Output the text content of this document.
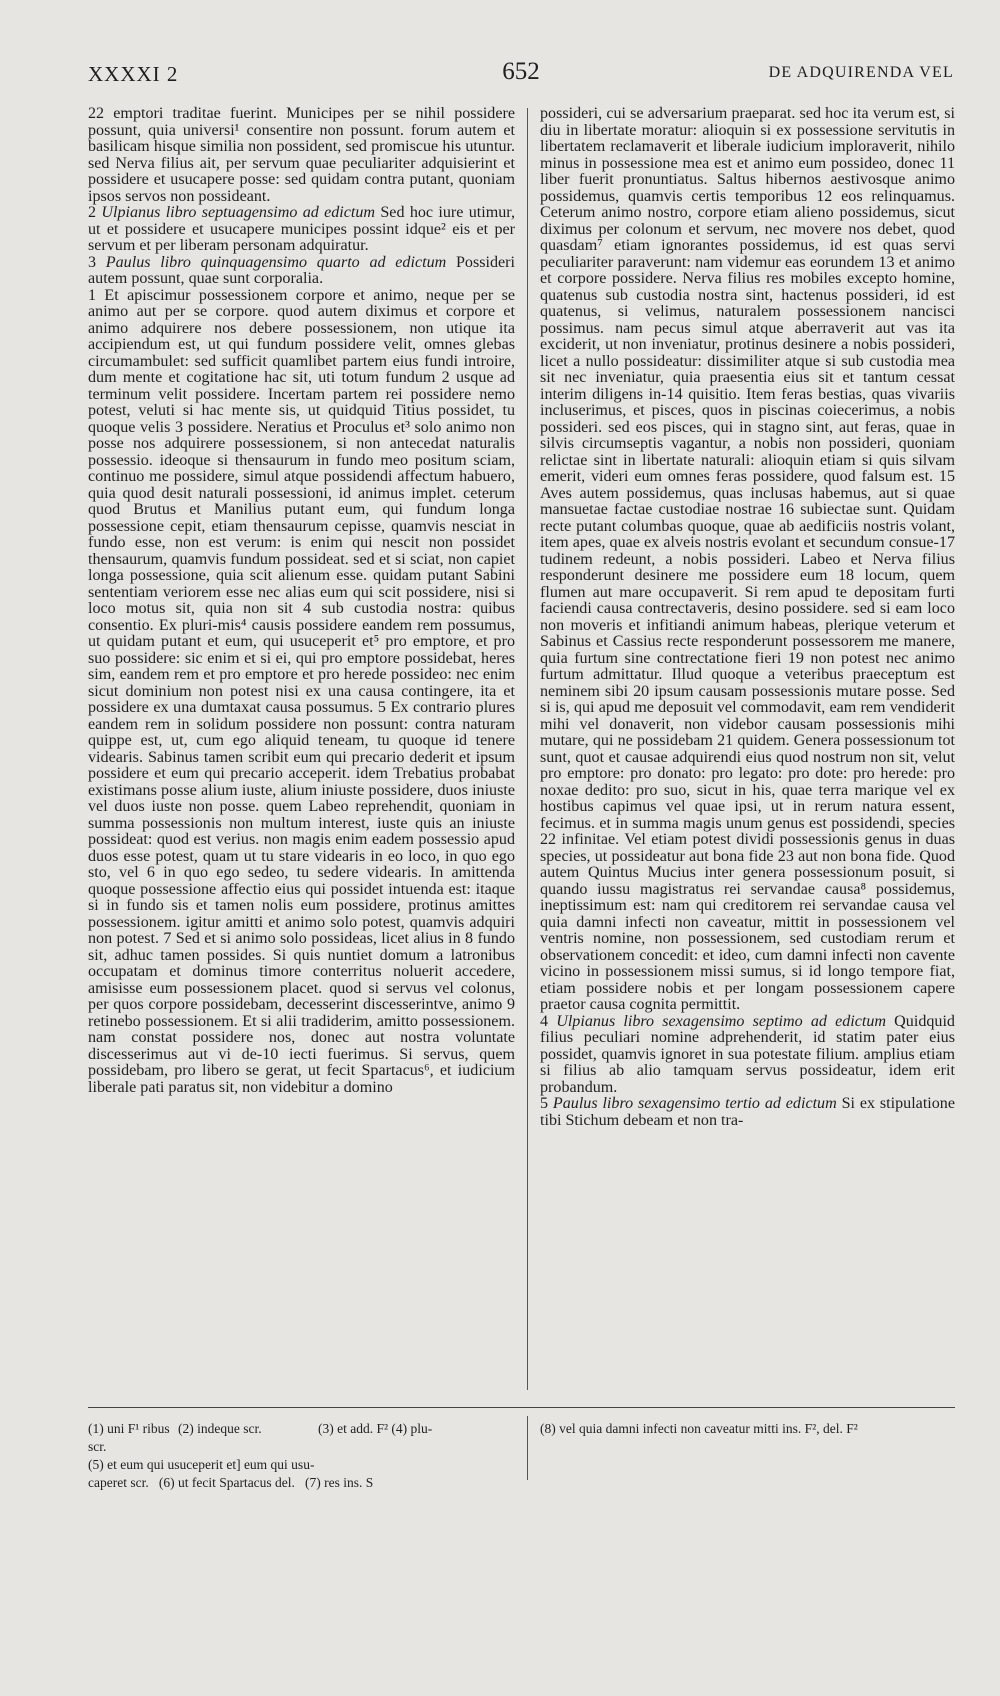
XXXXI 2	652	DE ADQUIRENDA VEL

22 emptori traditae fuerint. Municipes per se nihil possidere possunt, quia universi¹ consentire non possunt. forum autem et basilicam hisque similia non possident, sed promiscue his utuntur. sed Nerva filius ait, per servum quae peculiariter adquisierint et possidere et usucapere posse: sed quidam contra putant, quoniam ipsos servos non possideant.

2 Ulpianus libro septuagensimo ad edictum Sed hoc iure utimur, ut et possidere et usucapere municipes possint idque² eis et per servum et per liberam personam adquiratur.

3 Paulus libro quinquagensimo quarto ad edictum Possideri autem possunt, quae sunt corporalia.

1 Et apiscimur possessionem corpore et animo, neque per se animo aut per se corpore. quod autem diximus et corpore et animo adquirere nos debere possessionem, non utique ita accipiendum est, ut qui fundum possidere velit, omnes glebas circumambulet: sed sufficit quamlibet partem eius fundi introire, dum mente et cogitatione hac sit, uti totum fundum 2 usque ad terminum velit possidere. Incertam partem rei possidere nemo potest, veluti si hac mente sis, ut quidquid Titius possidet, tu quoque velis 3 possidere. Neratius et Proculus et³ solo animo non posse nos adquirere possessionem, si non antecedat naturalis possessio. ideoque si thensaurum in fundo meo positum sciam, continuo me possidere, simul atque possidendi affectum habuero, quia quod desit naturali possessioni, id animus implet. ceterum quod Brutus et Manilius putant eum, qui fundum longa possessione cepit, etiam thensaurum cepisse, quamvis nesciat in fundo esse, non est verum: is enim qui nescit non possidet thensaurum, quamvis fundum possideat. sed et si sciat, non capiet longa possessione, quia scit alienum esse. quidam putant Sabini sententiam veriorem esse nec alias eum qui scit possidere, nisi si loco motus sit, quia non sit 4 sub custodia nostra: quibus consentio. Ex pluri-mis⁴ causis possidere eandem rem possumus, ut quidam putant et eum, qui usuceperit et⁵ pro emptore, et pro suo possidere: sic enim et si ei, qui pro emptore possidebat, heres sim, eandem rem et pro emptore et pro herede possideo: nec enim sicut dominium non potest nisi ex una causa contingere, ita et possidere ex una dumtaxat causa possumus. 5 Ex contrario plures eandem rem in solidum possidere non possunt: contra naturam quippe est, ut, cum ego aliquid teneam, tu quoque id tenere videaris. Sabinus tamen scribit eum qui precario dederit et ipsum possidere et eum qui precario acceperit. idem Trebatius probabat existimans posse alium iuste, alium iniuste possidere, duos iniuste vel duos iuste non posse. quem Labeo reprehendit, quoniam in summa possessionis non multum interest, iuste quis an iniuste possideat: quod est verius. non magis enim eadem possessio apud duos esse potest, quam ut tu stare videaris in eo loco, in quo ego sto, vel 6 in quo ego sedeo, tu sedere videaris. In amittenda quoque possessione affectio eius qui possidet intuenda est: itaque si in fundo sis et tamen nolis eum possidere, protinus amittes possessionem. igitur amitti et animo solo potest, quamvis adquiri non potest. 7 Sed et si animo solo possideas, licet alius in 8 fundo sit, adhuc tamen possides. Si quis nuntiet domum a latronibus occupatam et dominus timore conterritus noluerit accedere, amisisse eum possessionem placet. quod si servus vel colonus, per quos corpore possidebam, decesserint discesserintve, animo 9 retinebo possessionem. Et si alii tradiderim, amitto possessionem. nam constat possidere nos, donec aut nostra voluntate discesserimus aut vi de-10 iecti fuerimus. Si servus, quem possidebam, pro libero se gerat, ut fecit Spartacus⁶, et iudicium liberale pati paratus sit, non videbitur a domino

possideri, cui se adversarium praeparat. sed hoc ita verum est, si diu in libertate moratur: alioquin si ex possessione servitutis in libertatem reclamaverit et liberale iudicium imploraverit, nihilo minus in possessione mea est et animo eum possideo, donec 11 liber fuerit pronuntiatus. Saltus hibernos aestivosque animo possidemus, quamvis certis temporibus 12 eos relinquamus. Ceterum animo nostro, corpore etiam alieno possidemus, sicut diximus per colonum et servum, nec movere nos debet, quod quasdam⁷ etiam ignorantes possidemus, id est quas servi peculiariter paraverunt: nam videmur eas eorundem 13 et animo et corpore possidere. Nerva filius res mobiles excepto homine, quatenus sub custodia nostra sint, hactenus possideri, id est quatenus, si velimus, naturalem possessionem nancisci possimus. nam pecus simul atque aberraverit aut vas ita exciderit, ut non inveniatur, protinus desinere a nobis possideri, licet a nullo possideatur: dissimiliter atque si sub custodia mea sit nec inveniatur, quia praesentia eius sit et tantum cessat interim diligens in-14 quisitio. Item feras bestias, quas vivariis incluserimus, et pisces, quos in piscinas coiecerimus, a nobis possideri. sed eos pisces, qui in stagno sint, aut feras, quae in silvis circumseptis vagantur, a nobis non possideri, quoniam relictae sint in libertate naturali: alioquin etiam si quis silvam emerit, videri eum omnes feras possidere, quod falsum est. 15 Aves autem possidemus, quas inclusas habemus, aut si quae mansuetae factae custodiae nostrae 16 subiectae sunt. Quidam recte putant columbas quoque, quae ab aedificiis nostris volant, item apes, quae ex alveis nostris evolant et secundum consue-17 tudinem redeunt, a nobis possideri. Labeo et Nerva filius responderunt desinere me possidere eum 18 locum, quem flumen aut mare occupaverit. Si rem apud te depositam furti faciendi causa contrectaveris, desino possidere. sed si eam loco non moveris et infitiandi animum habeas, plerique veterum et Sabinus et Cassius recte responderunt possessorem me manere, quia furtum sine contrectatione fieri 19 non potest nec animo furtum admittatur. Illud quoque a veteribus praeceptum est neminem sibi 20 ipsum causam possessionis mutare posse. Sed si is, qui apud me deposuit vel commodavit, eam rem vendiderit mihi vel donaverit, non videbor causam possessionis mihi mutare, qui ne possidebam 21 quidem. Genera possessionum tot sunt, quot et causae adquirendi eius quod nostrum non sit, velut pro emptore: pro donato: pro legato: pro dote: pro herede: pro noxae dedito: pro suo, sicut in his, quae terra marique vel ex hostibus capimus vel quae ipsi, ut in rerum natura essent, fecimus. et in summa magis unum genus est possidendi, species 22 infinitae. Vel etiam potest dividi possessionis genus in duas species, ut possideatur aut bona fide 23 aut non bona fide. Quod autem Quintus Mucius inter genera possessionum posuit, si quando iussu magistratus rei servandae causa⁸ possidemus, ineptissimum est: nam qui creditorem rei servandae causa vel quia damni infecti non caveatur, mittit in possessionem vel ventris nomine, non possessionem, sed custodiam rerum et observationem concedit: et ideo, cum damni infecti non cavente vicino in possessionem missi sumus, si id longo tempore fiat, etiam possidere nobis et per longam possessionem capere praetor causa cognita permittit.

4 Ulpianus libro sexagensimo septimo ad edictum Quidquid filius peculiari nomine adprehenderit, id statim pater eius possidet, quamvis ignoret in sua potestate filium. amplius etiam si filius ab alio tamquam servus possideatur, idem erit probandum.

5 Paulus libro sexagensimo tertio ad edictum Si ex stipulatione tibi Stichum debeam et non tra-

(1) uni F¹ ribus scr.
(2) indeque scr.	(3) et add. F² (4) plu-
(5) et eum qui usuceperit et] eum qui usu-
caperet scr. (6) ut fecit Spartacus del. (7) res ins. S
(8) vel quia damni infecti non caveatur mitti ins. F², del. F²
